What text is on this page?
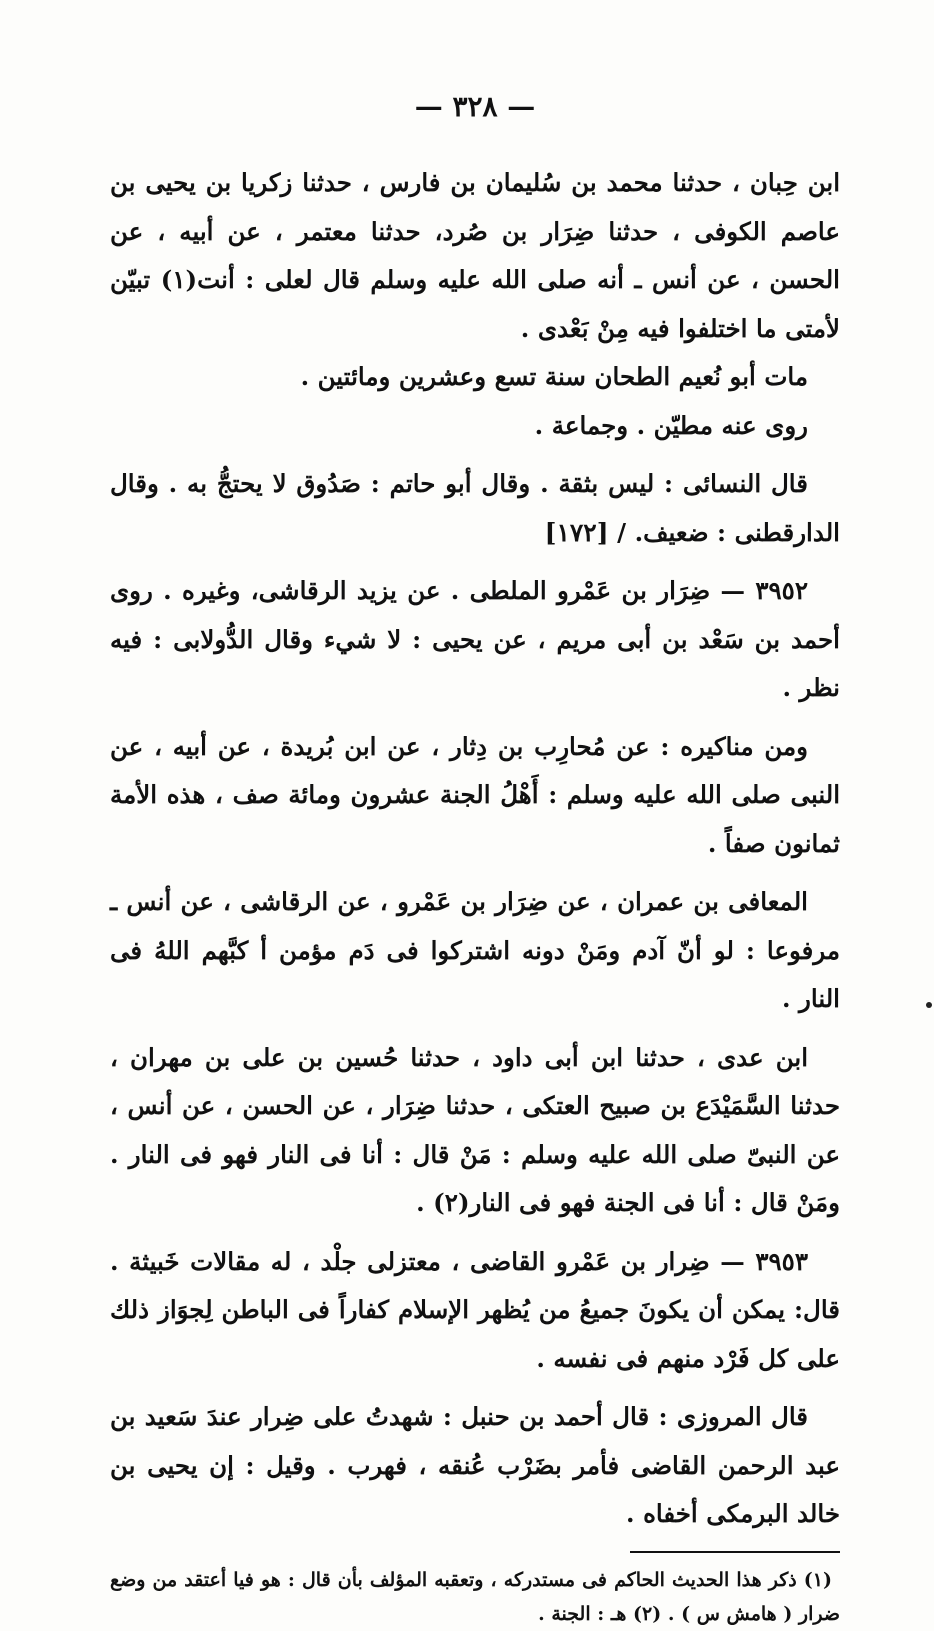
— ٣٢٨ —

ابن حِبان ، حدثنا محمد بن سُليمان بن فارس ، حدثنا زكريا بن يحيى بن عاصم الكوفى ، حدثنا ضِرَار بن صُرد، حدثنا معتمر ، عن أبيه ، عن الحسن ، عن أنس ـ أنه صلى الله عليه وسلم قال لعلى : أنت(١) تبيّن لأمتى ما اختلفوا فيه مِنْ بَعْدى .

مات أبو نُعيم الطحان سنة تسع وعشرين ومائتين .

روى عنه مطيّن . وجماعة .

قال النسائى : ليس بثقة . وقال أبو حاتم : صَدُوق لا يحتجُّ به . وقال الدارقطنى : ضعيف. / [١٧٢]

٣٩٥٢ — ضِرَار بن عَمْرو الملطى . عن يزيد الرقاشى، وغيره . روى أحمد بن سَعْد بن أبى مريم ، عن يحيى : لا شيء وقال الدُّولابى : فيه نظر .

ومن مناكيره : عن مُحارِب بن دِثار ، عن ابن بُريدة ، عن أبيه ، عن النبى صلى الله عليه وسلم : أَهْلُ الجنة عشرون ومائة صف ، هذه الأمة ثمانون صفاً .

المعافى بن عمران ، عن ضِرَار بن عَمْرو ، عن الرقاشى ، عن أنس ـ مرفوعا : لو أنّ آدم ومَنْ دونه اشتركوا فى دَم مؤمن أ كبَّهم اللهُ فى النار .

ابن عدى ، حدثنا ابن أبى داود ، حدثنا حُسين بن على بن مهران ، حدثنا السَّمَيْدَع بن صبيح العتكى ، حدثنا ضِرَار ، عن الحسن ، عن أنس ، عن النبىّ صلى الله عليه وسلم : مَنْ قال : أنا فى النار فهو فى النار . ومَنْ قال : أنا فى الجنة فهو فى النار(٢) .

٣٩٥٣ — ضِرار بن عَمْرو القاضى ، معتزلى جلْد ، له مقالات خَبيثة . قال: يمكن أن يكونَ جميعُ من يُظهر الإسلام كفاراً فى الباطن لِجوَاز ذلك على كل فَرْد منهم فى نفسه .

قال المروزى : قال أحمد بن حنبل : شهدتُ على ضِرار عندَ سَعيد بن عبد الرحمن القاضى فأمر بضَرْب عُنقه ، فهرب . وقيل : إن يحيى بن خالد البرمكى أخفاه .

(١) ذكر هذا الحديث الحاكم فى مستدركه ، وتعقبه المؤلف بأن قال : هو فيا أعتقد من وضع ضرار ( هامش س ) . (٢) هـ : الجنة .
